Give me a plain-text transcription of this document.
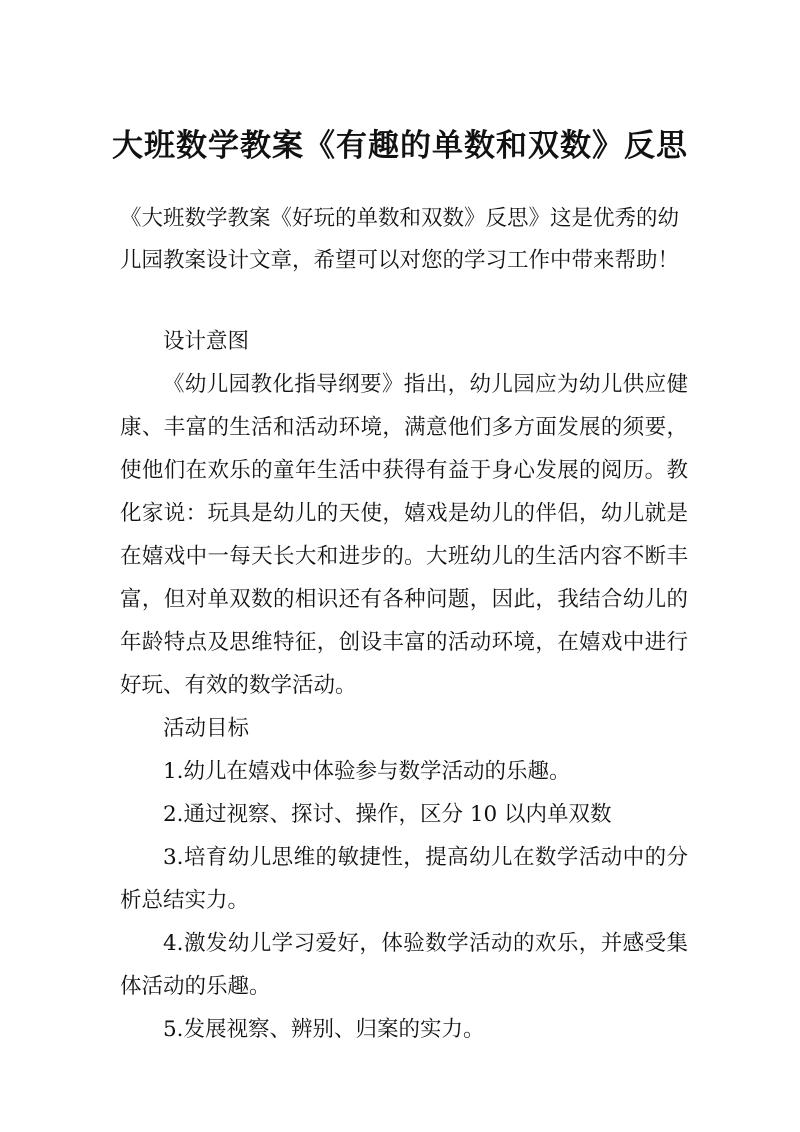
大班数学教案《有趣的单数和双数》反思

《大班数学教案《好玩的单数和双数》反思》这是优秀的幼儿园教案设计文章，希望可以对您的学习工作中带来帮助！

设计意图

《幼儿园教化指导纲要》指出，幼儿园应为幼儿供应健康、丰富的生活和活动环境，满意他们多方面发展的须要，使他们在欢乐的童年生活中获得有益于身心发展的阅历。教化家说：玩具是幼儿的天使，嬉戏是幼儿的伴侣，幼儿就是在嬉戏中一每天长大和进步的。大班幼儿的生活内容不断丰富，但对单双数的相识还有各种问题，因此，我结合幼儿的年龄特点及思维特征，创设丰富的活动环境，在嬉戏中进行好玩、有效的数学活动。

活动目标

1.幼儿在嬉戏中体验参与数学活动的乐趣。

2.通过视察、探讨、操作，区分 10 以内单双数

3.培育幼儿思维的敏捷性，提高幼儿在数学活动中的分析总结实力。

4.激发幼儿学习爱好，体验数学活动的欢乐，并感受集体活动的乐趣。

5.发展视察、辨别、归案的实力。
